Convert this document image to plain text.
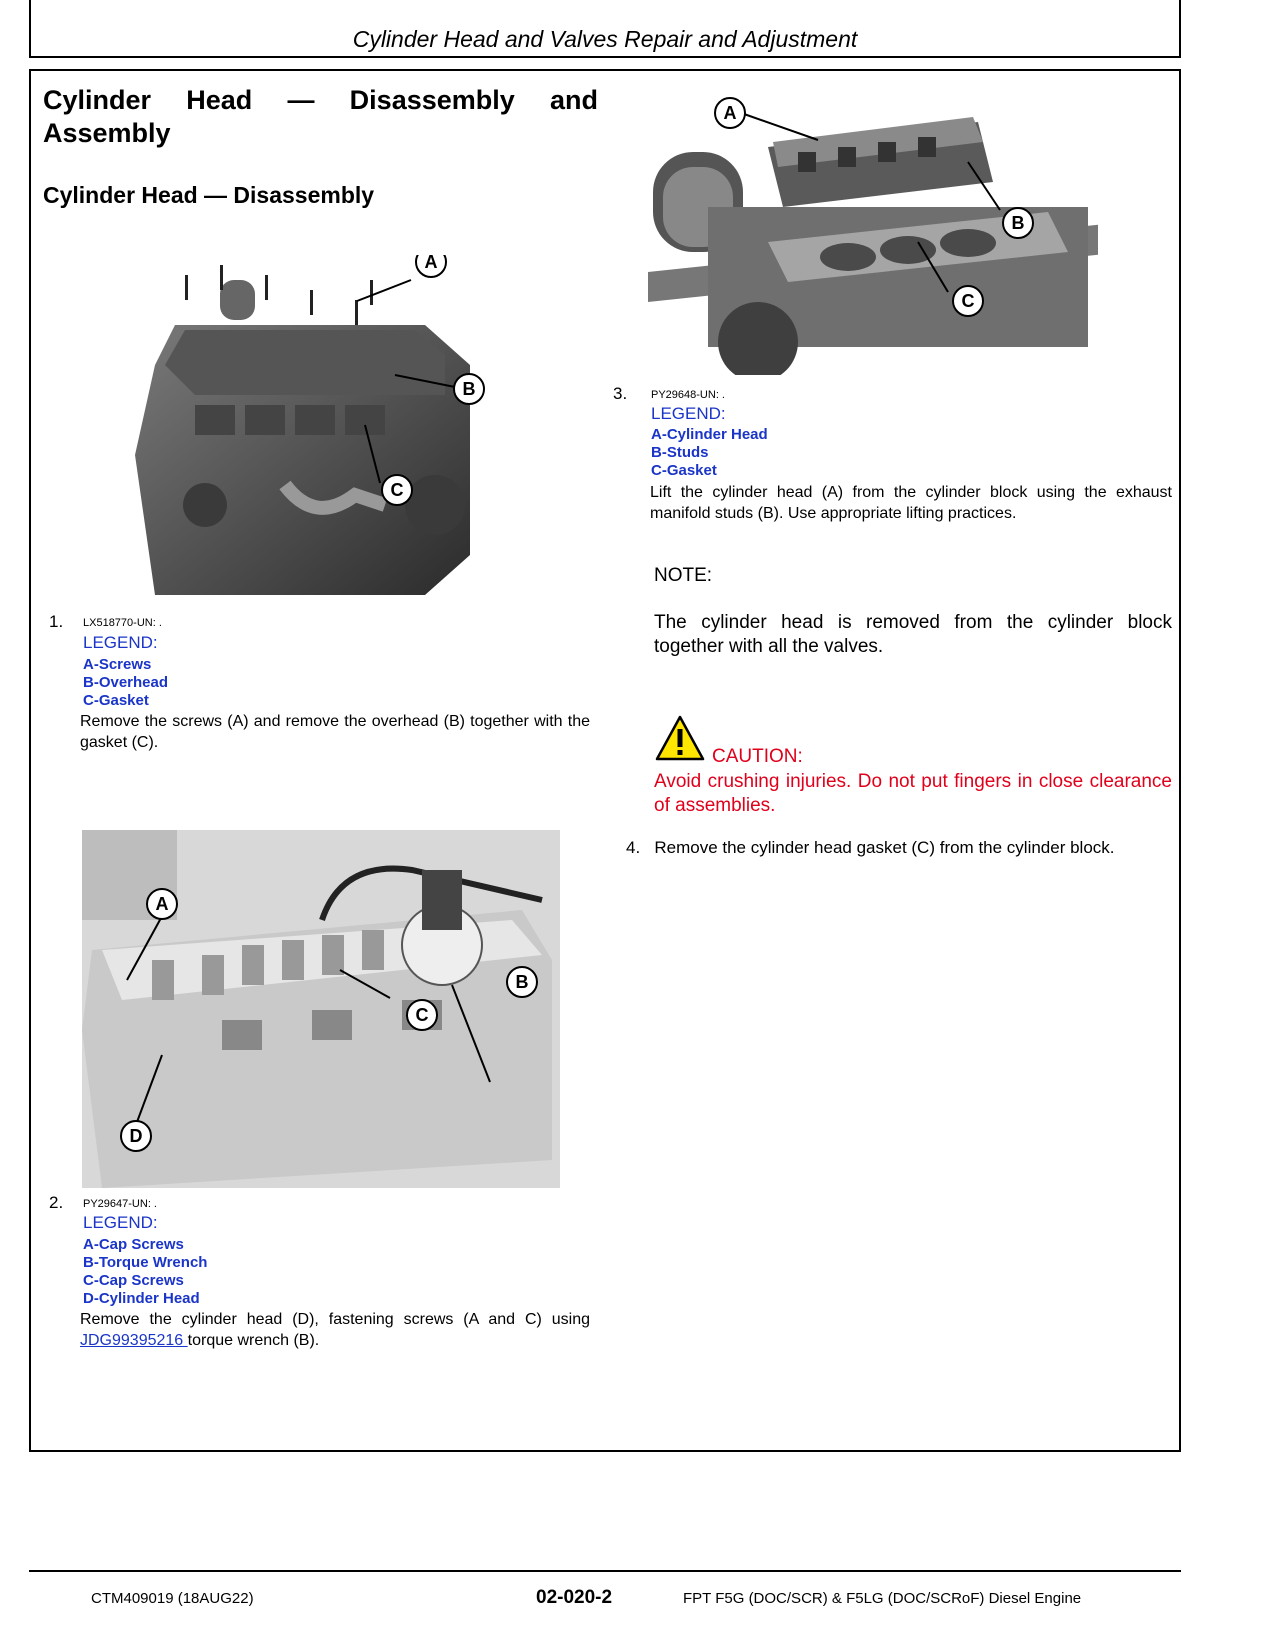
Cylinder Head and Valves Repair and Adjustment
Cylinder Head — Disassembly and
Assembly
Cylinder Head — Disassembly
A
B
C
1. LX518770-UN: .
LEGEND:
A-Screws
B-Overhead
C-Gasket
Remove the screws (A) and remove the overhead (B) together with the gasket (C).
A
B
C
D
2. PY29647-UN: .
LEGEND:
A-Cap Screws
B-Torque Wrench
C-Cap Screws
D-Cylinder Head
Remove the cylinder head (D), fastening screws (A and C) using JDG99395216 torque wrench (B).
A
B
C
3. PY29648-UN: .
LEGEND:
A-Cylinder Head
B-Studs
C-Gasket
Lift the cylinder head (A) from the cylinder block using the exhaust manifold studs (B). Use appropriate lifting practices.
NOTE:
The cylinder head is removed from the cylinder block together with all the valves.
CAUTION:
Avoid crushing injuries. Do not put fingers in close clearance of assemblies.
4. Remove the cylinder head gasket (C) from the cylinder block.
CTM409019 (18AUG22)	02-020-2	FPT F5G (DOC/SCR) & F5LG (DOC/SCRoF) Diesel Engine
